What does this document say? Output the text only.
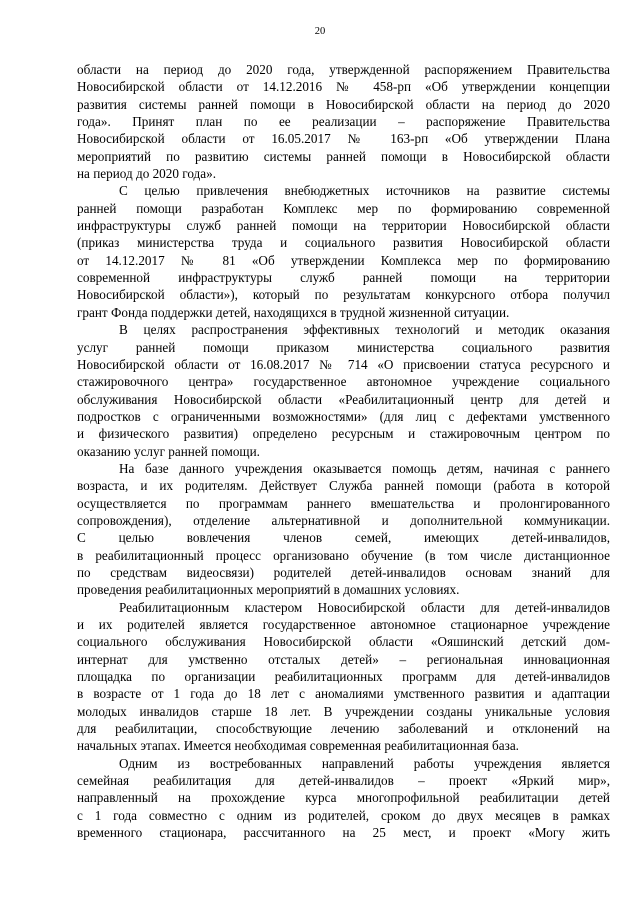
20
области на период до 2020 года, утвержденной распоряжением Правительства
Новосибирской области от 14.12.2016 № 458-рп «Об утверждении концепции
развития системы ранней помощи в Новосибирской области на период до 2020
года». Принят план по ее реализации – распоряжение Правительства
Новосибирской области от 16.05.2017 № 163-рп «Об утверждении Плана
мероприятий по развитию системы ранней помощи в Новосибирской области
на период до 2020 года».
С целью привлечения внебюджетных источников на развитие системы
ранней помощи разработан Комплекс мер по формированию современной
инфраструктуры служб ранней помощи на территории Новосибирской области
(приказ министерства труда и социального развития Новосибирской области
от 14.12.2017 № 81 «Об утверждении Комплекса мер по формированию
современной инфраструктуры служб ранней помощи на территории
Новосибирской области»), который по результатам конкурсного отбора получил
грант Фонда поддержки детей, находящихся в трудной жизненной ситуации.
В целях распространения эффективных технологий и методик оказания
услуг ранней помощи приказом министерства социального развития
Новосибирской области от 16.08.2017 № 714 «О присвоении статуса ресурсного и
стажировочного центра» государственное автономное учреждение социального
обслуживания Новосибирской области «Реабилитационный центр для детей и
подростков с ограниченными возможностями» (для лиц с дефектами умственного
и физического развития) определено ресурсным и стажировочным центром по
оказанию услуг ранней помощи.
На базе данного учреждения оказывается помощь детям, начиная с раннего
возраста, и их родителям. Действует Служба ранней помощи (работа в которой
осуществляется по программам раннего вмешательства и пролонгированного
сопровождения), отделение альтернативной и дополнительной коммуникации.
С целью вовлечения членов семей, имеющих детей-инвалидов,
в реабилитационный процесс организовано обучение (в том числе дистанционное
по средствам видеосвязи) родителей детей-инвалидов основам знаний для
проведения реабилитационных мероприятий в домашних условиях.
Реабилитационным кластером Новосибирской области для детей-инвалидов
и их родителей является государственное автономное стационарное учреждение
социального обслуживания Новосибирской области «Ояшинский детский дом-
интернат для умственно отсталых детей» – региональная инновационная
площадка по организации реабилитационных программ для детей-инвалидов
в возрасте от 1 года до 18 лет с аномалиями умственного развития и адаптации
молодых инвалидов старше 18 лет. В учреждении созданы уникальные условия
для реабилитации, способствующие лечению заболеваний и отклонений на
начальных этапах. Имеется необходимая современная реабилитационная база.
Одним из востребованных направлений работы учреждения является
семейная реабилитация для детей-инвалидов – проект «Яркий мир»,
направленный на прохождение курса многопрофильной реабилитации детей
с 1 года совместно с одним из родителей, сроком до двух месяцев в рамках
временного стационара, рассчитанного на 25 мест, и проект «Могу жить
